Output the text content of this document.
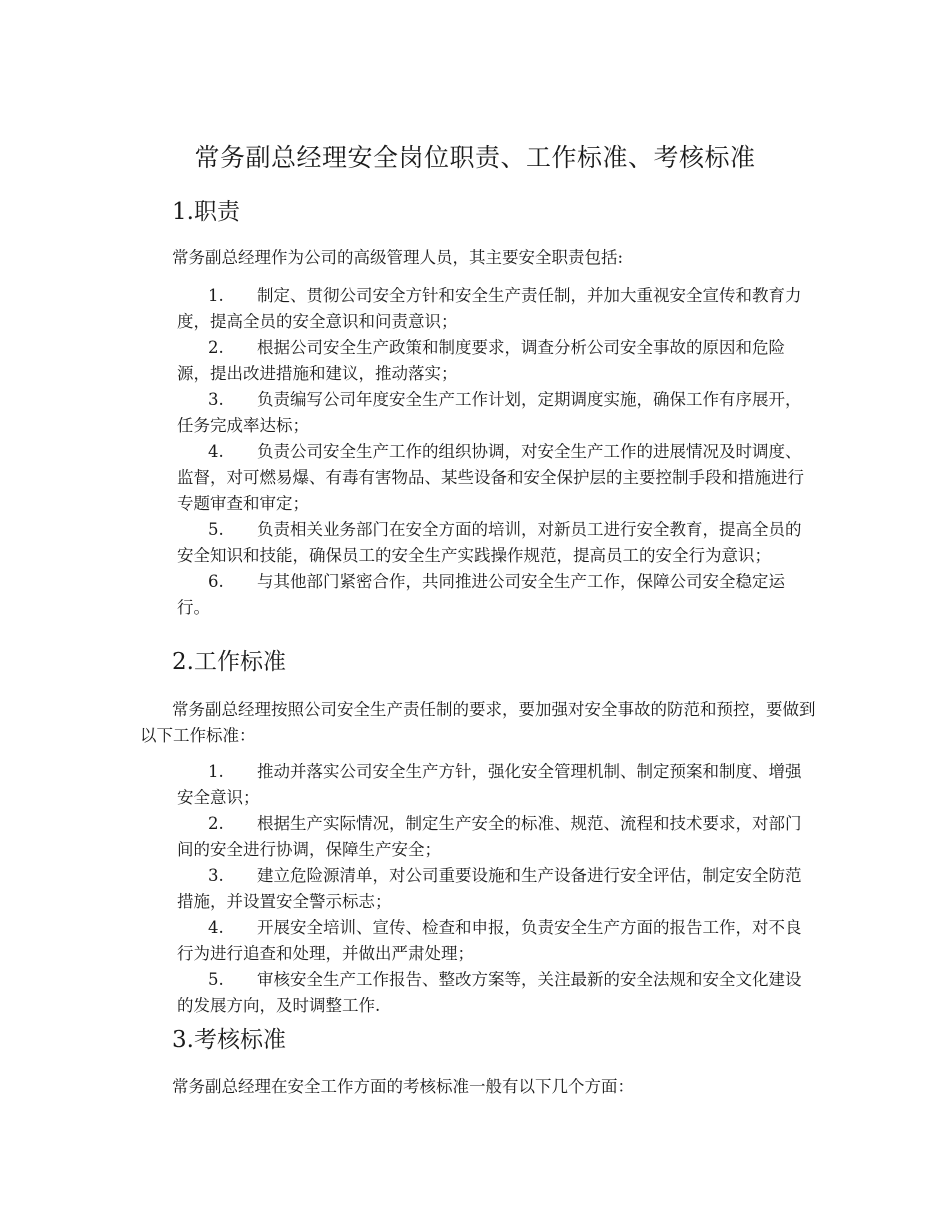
常务副总经理安全岗位职责、工作标准、考核标准
1.职责

常务副总经理作为公司的高级管理人员，其主要安全职责包括:

1. 制定、贯彻公司安全方针和安全生产责任制，并加大重视安全宣传和教育力度，提高全员的安全意识和问责意识；
2. 根据公司安全生产政策和制度要求，调查分析公司安全事故的原因和危险源，提出改进措施和建议，推动落实；
3. 负责编写公司年度安全生产工作计划，定期调度实施，确保工作有序展开，任务完成率达标；
4. 负责公司安全生产工作的组织协调，对安全生产工作的进展情况及时调度、监督，对可燃易爆、有毒有害物品、某些设备和安全保护层的主要控制手段和措施进行专题审查和审定；
5. 负责相关业务部门在安全方面的培训，对新员工进行安全教育，提高全员的安全知识和技能，确保员工的安全生产实践操作规范，提高员工的安全行为意识；
6. 与其他部门紧密合作，共同推进公司安全生产工作，保障公司安全稳定运行。
2.工作标准

常务副总经理按照公司安全生产责任制的要求，要加强对安全事故的防范和预控，要做到以下工作标准：

1. 推动并落实公司安全生产方针，强化安全管理机制、制定预案和制度、增强安全意识；
2. 根据生产实际情况，制定生产安全的标准、规范、流程和技术要求，对部门间的安全进行协调，保障生产安全；
3. 建立危险源清单，对公司重要设施和生产设备进行安全评估，制定安全防范措施，并设置安全警示标志；
4. 开展安全培训、宣传、检查和申报，负责安全生产方面的报告工作，对不良行为进行追查和处理，并做出严肃处理；
5. 审核安全生产工作报告、整改方案等，关注最新的安全法规和安全文化建设的发展方向，及时调整工作.
3.考核标准

常务副总经理在安全工作方面的考核标准一般有以下几个方面：
